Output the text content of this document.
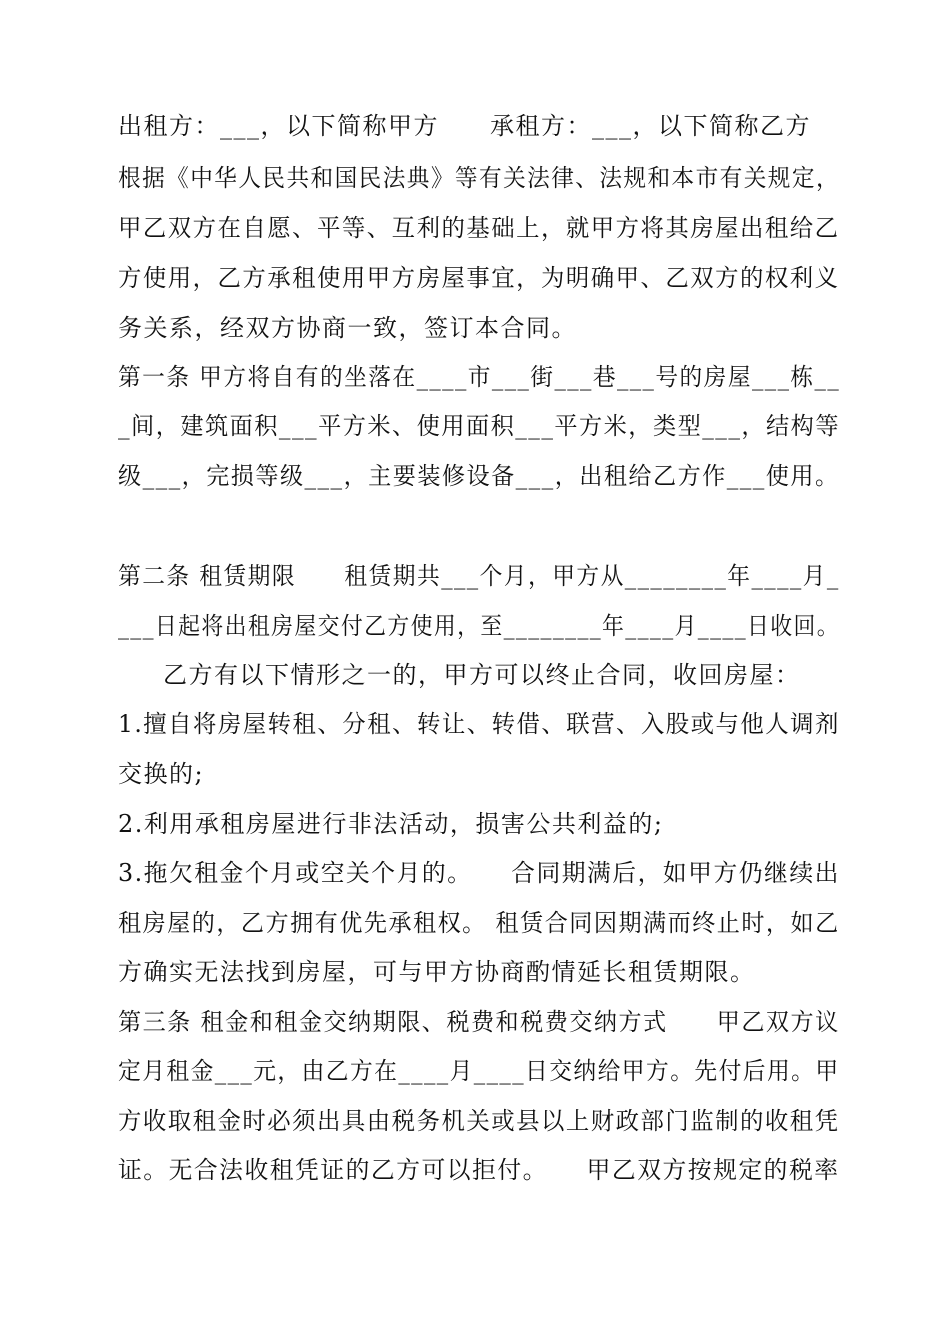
出租方：___，以下简称甲方　　承租方：___，以下简称乙方
根据《中华人民共和国民法典》等有关法律、法规和本市有关规定，
甲乙双方在自愿、平等、互利的基础上，就甲方将其房屋出租给乙
方使用，乙方承租使用甲方房屋事宜，为明确甲、乙双方的权利义
务关系，经双方协商一致，签订本合同。
第一条 甲方将自有的坐落在____市___街___巷___号的房屋___栋__
_间，建筑面积___平方米、使用面积___平方米，类型___，结构等
级___，完损等级___，主要装修设备___，出租给乙方作___使用。
第二条 租赁期限　　租赁期共___个月，甲方从________年____月_
___日起将出租房屋交付乙方使用，至________年____月____日收回。
乙方有以下情形之一的，甲方可以终止合同，收回房屋：
1.擅自将房屋转租、分租、转让、转借、联营、入股或与他人调剂
交换的;
2.利用承租房屋进行非法活动，损害公共利益的;
3.拖欠租金个月或空关个月的。　　合同期满后，如甲方仍继续出
租房屋的，乙方拥有优先承租权。 租赁合同因期满而终止时，如乙
方确实无法找到房屋，可与甲方协商酌情延长租赁期限。
第三条 租金和租金交纳期限、税费和税费交纳方式　　甲乙双方议
定月租金___元，由乙方在____月____日交纳给甲方。先付后用。甲
方收取租金时必须出具由税务机关或县以上财政部门监制的收租凭
证。无合法收租凭证的乙方可以拒付。　　甲乙双方按规定的税率
